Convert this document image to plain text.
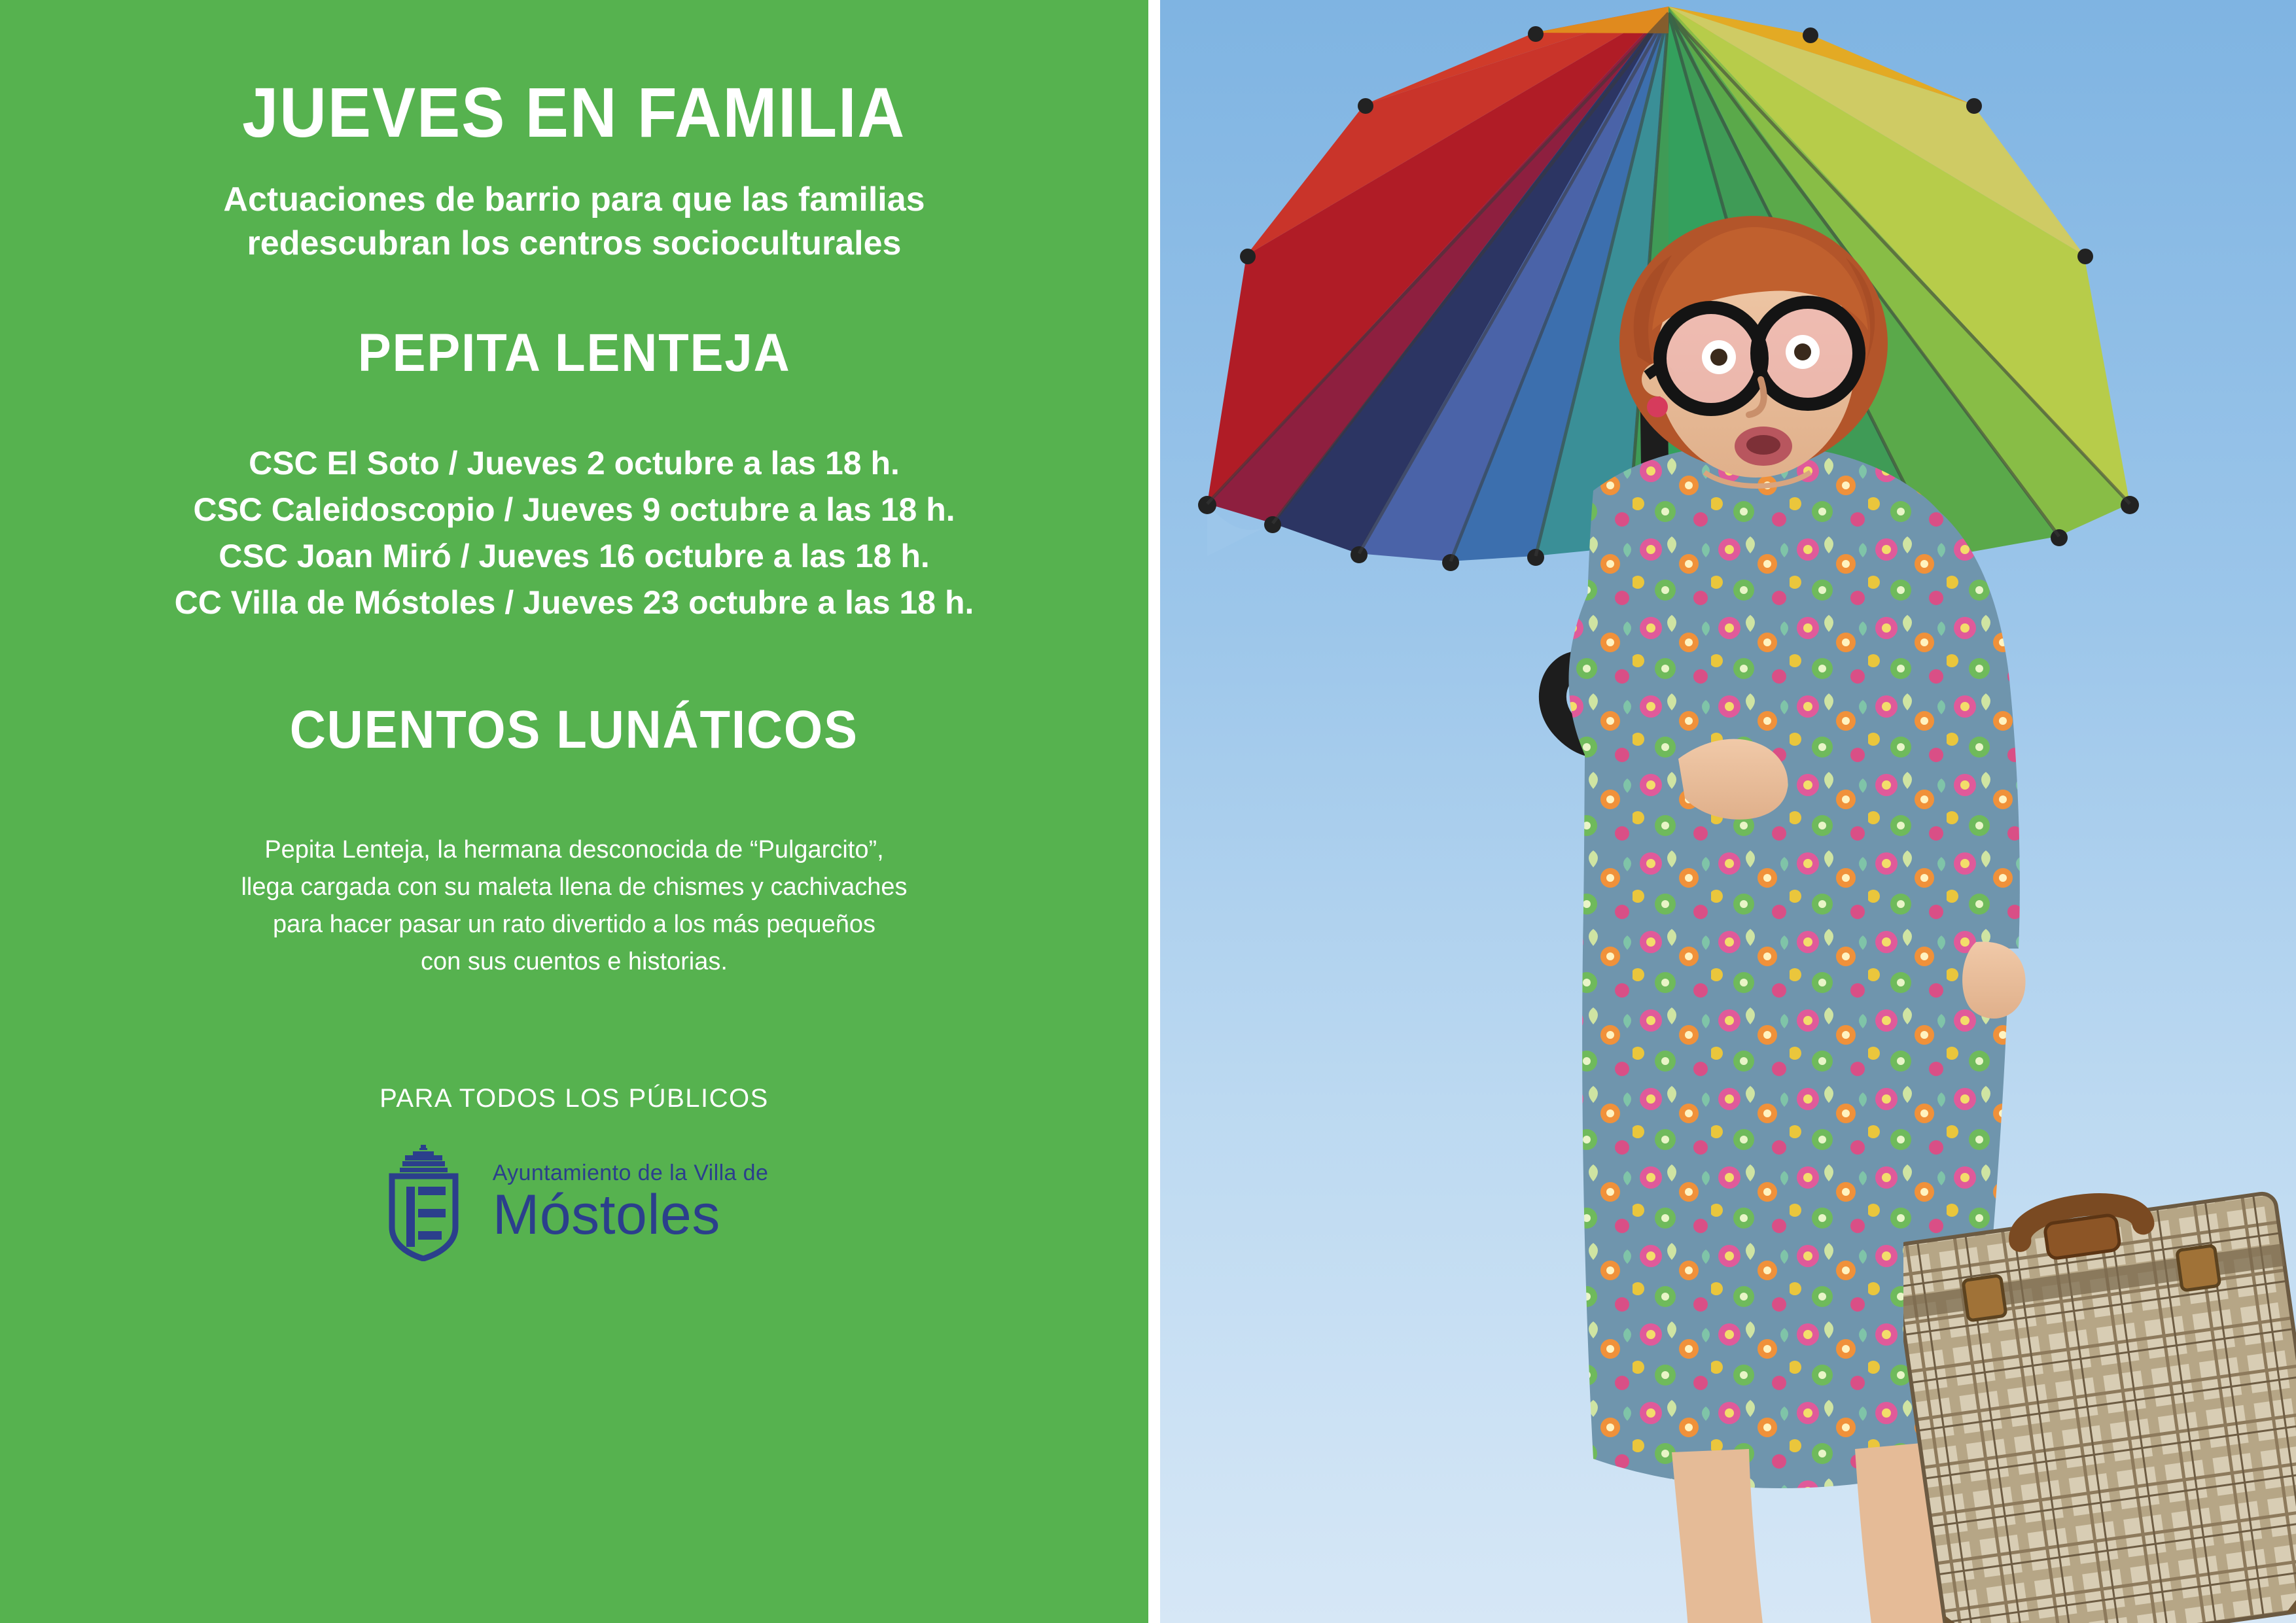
JUEVES EN FAMILIA
Actuaciones de barrio para que las familias
redescubran los centros socioculturales
PEPITA LENTEJA
CSC El Soto / Jueves 2 octubre a las 18 h.
CSC Caleidoscopio / Jueves 9 octubre a las 18 h.
CSC Joan Miró / Jueves 16 octubre a las 18 h.
CC Villa de Móstoles / Jueves 23 octubre a las 18 h.
CUENTOS LUNÁTICOS
Pepita Lenteja, la hermana desconocida de “Pulgarcito”,
llega cargada con su maleta llena de chismes y cachivaches
para hacer pasar un rato divertido a los más pequeños
con sus cuentos e historias.
PARA TODOS LOS PÚBLICOS
Ayuntamiento de la Villa de
Móstoles
